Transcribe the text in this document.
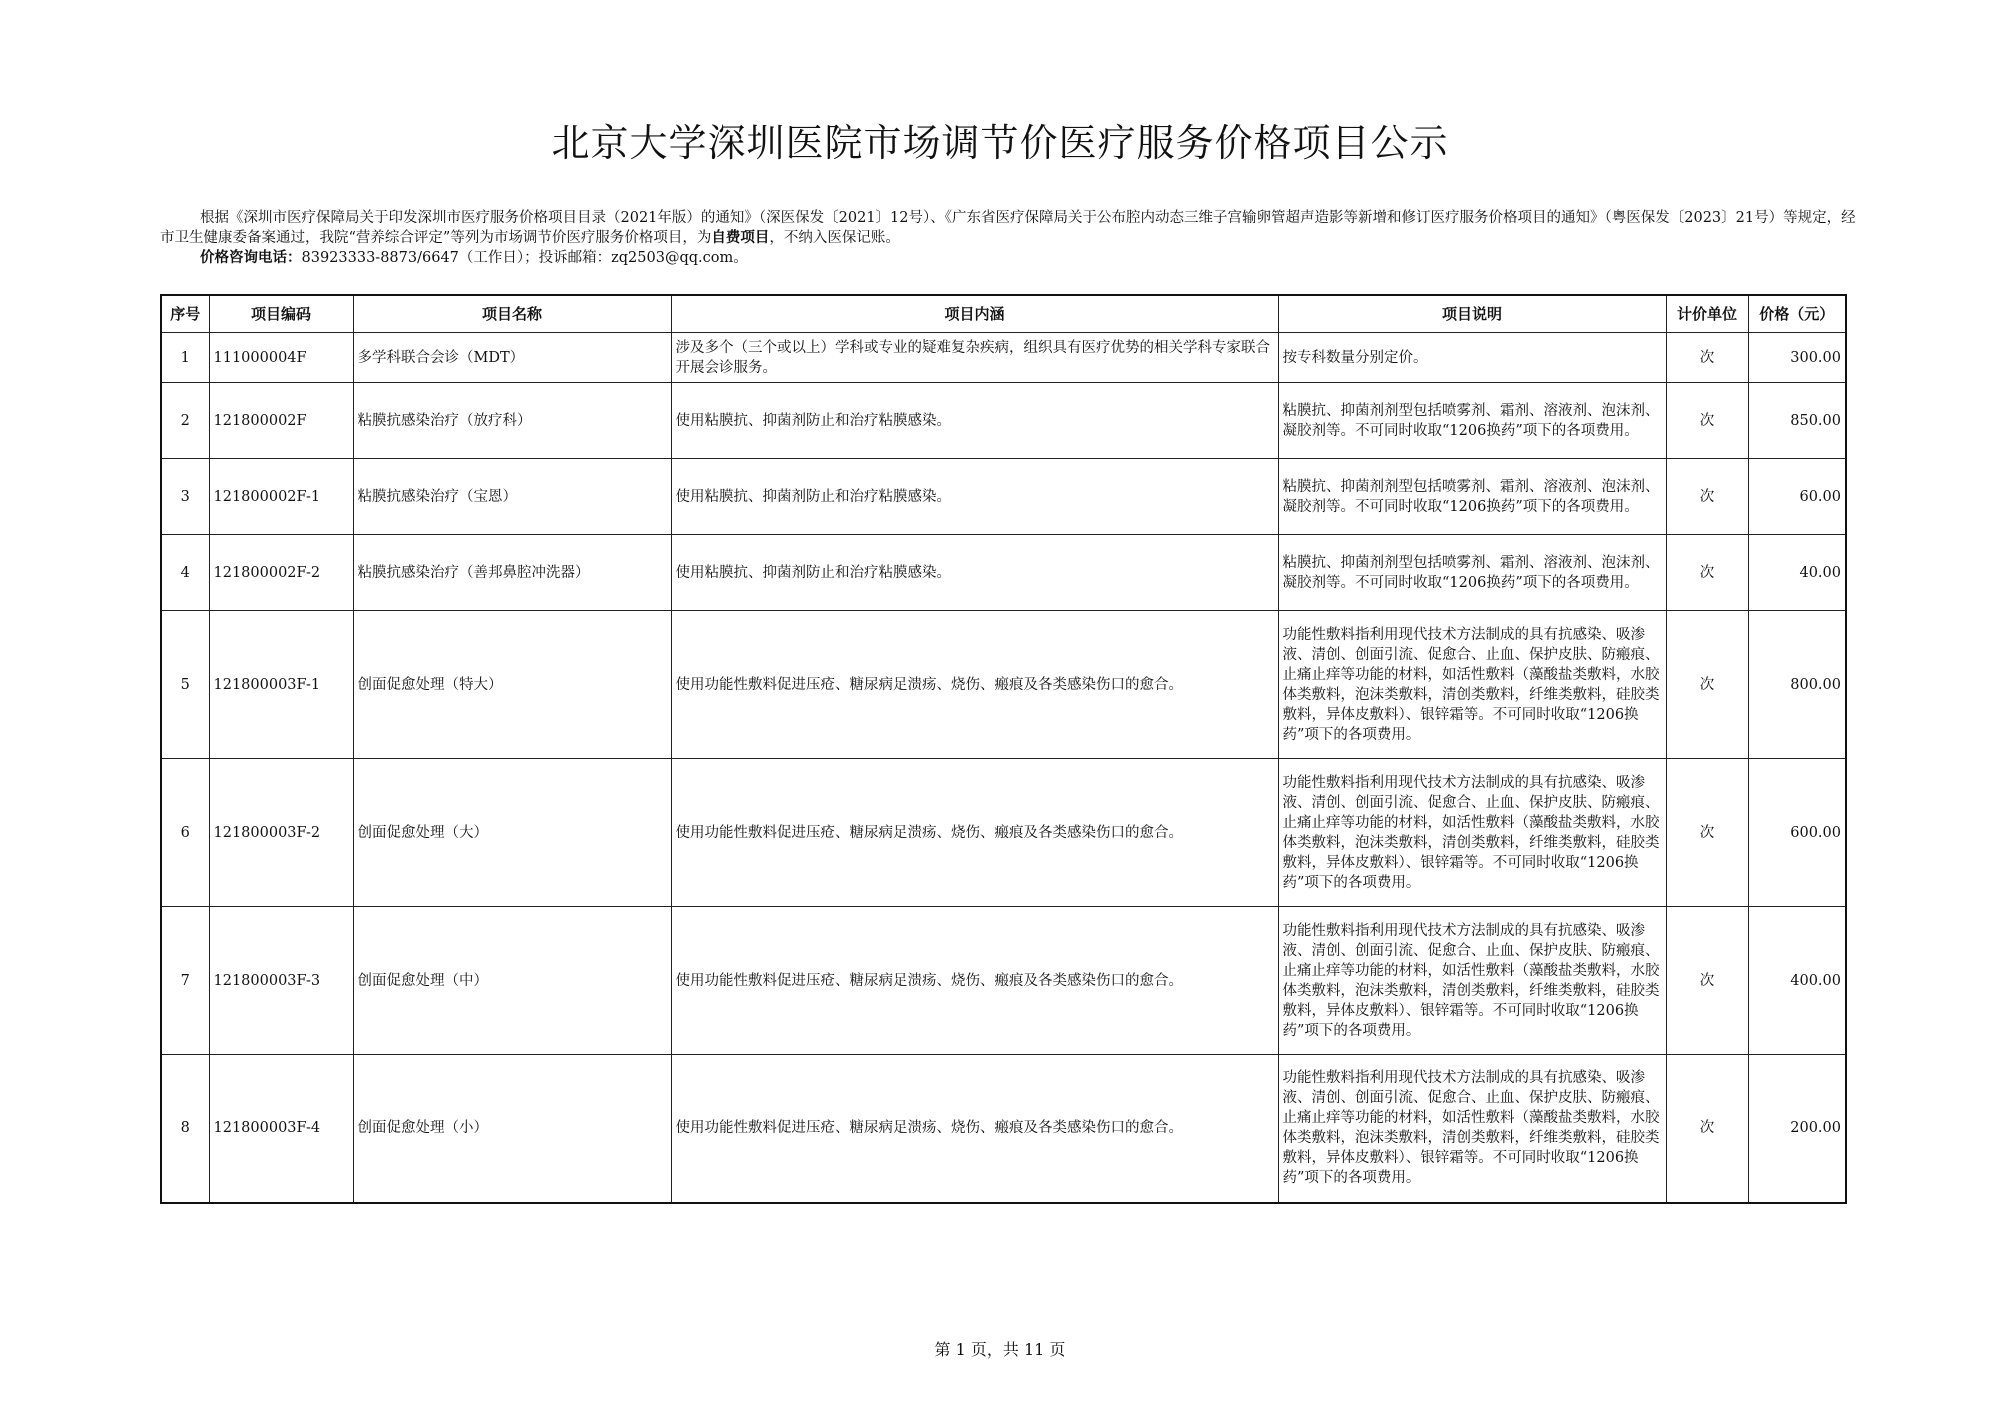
北京大学深圳医院市场调节价医疗服务价格项目公示
根据《深圳市医疗保障局关于印发深圳市医疗服务价格项目目录（2021年版）的通知》（深医保发〔2021〕12号）、《广东省医疗保障局关于公布腔内动态三维子宫输卵管超声造影等新增和修订医疗服务价格项目的通知》（粤医保发〔2023〕21号）等规定，经市卫生健康委备案通过，我院“营养综合评定”等列为市场调节价医疗服务价格项目，为自费项目，不纳入医保记账。
价格咨询电话：83923333-8873/6647（工作日）；投诉邮箱：zq2503@qq.com。
序号	项目编码	项目名称	项目内涵	项目说明	计价单位	价格（元）
1	111000004F	多学科联合会诊（MDT）	涉及多个（三个或以上）学科或专业的疑难复杂疾病，组织具有医疗优势的相关学科专家联合开展会诊服务。	按专科数量分别定价。	次	300.00
2	121800002F	粘膜抗感染治疗（放疗科）	使用粘膜抗、抑菌剂防止和治疗粘膜感染。	粘膜抗、抑菌剂剂型包括喷雾剂、霜剂、溶液剂、泡沫剂、凝胶剂等。不可同时收取“1206换药”项下的各项费用。	次	850.00
3	121800002F-1	粘膜抗感染治疗（宝恩）	使用粘膜抗、抑菌剂防止和治疗粘膜感染。	粘膜抗、抑菌剂剂型包括喷雾剂、霜剂、溶液剂、泡沫剂、凝胶剂等。不可同时收取“1206换药”项下的各项费用。	次	60.00
4	121800002F-2	粘膜抗感染治疗（善邦鼻腔冲洗器）	使用粘膜抗、抑菌剂防止和治疗粘膜感染。	粘膜抗、抑菌剂剂型包括喷雾剂、霜剂、溶液剂、泡沫剂、凝胶剂等。不可同时收取“1206换药”项下的各项费用。	次	40.00
5	121800003F-1	创面促愈处理（特大）	使用功能性敷料促进压疮、糖尿病足溃疡、烧伤、瘢痕及各类感染伤口的愈合。	功能性敷料指利用现代技术方法制成的具有抗感染、吸渗液、清创、创面引流、促愈合、止血、保护皮肤、防瘢痕、止痛止痒等功能的材料，如活性敷料（藻酸盐类敷料，水胶体类敷料，泡沫类敷料，清创类敷料，纤维类敷料，硅胶类敷料，异体皮敷料）、银锌霜等。不可同时收取“1206换药”项下的各项费用。	次	800.00
6	121800003F-2	创面促愈处理（大）	使用功能性敷料促进压疮、糖尿病足溃疡、烧伤、瘢痕及各类感染伤口的愈合。	功能性敷料指利用现代技术方法制成的具有抗感染、吸渗液、清创、创面引流、促愈合、止血、保护皮肤、防瘢痕、止痛止痒等功能的材料，如活性敷料（藻酸盐类敷料，水胶体类敷料，泡沫类敷料，清创类敷料，纤维类敷料，硅胶类敷料，异体皮敷料）、银锌霜等。不可同时收取“1206换药”项下的各项费用。	次	600.00
7	121800003F-3	创面促愈处理（中）	使用功能性敷料促进压疮、糖尿病足溃疡、烧伤、瘢痕及各类感染伤口的愈合。	功能性敷料指利用现代技术方法制成的具有抗感染、吸渗液、清创、创面引流、促愈合、止血、保护皮肤、防瘢痕、止痛止痒等功能的材料，如活性敷料（藻酸盐类敷料，水胶体类敷料，泡沫类敷料，清创类敷料，纤维类敷料，硅胶类敷料，异体皮敷料）、银锌霜等。不可同时收取“1206换药”项下的各项费用。	次	400.00
8	121800003F-4	创面促愈处理（小）	使用功能性敷料促进压疮、糖尿病足溃疡、烧伤、瘢痕及各类感染伤口的愈合。	功能性敷料指利用现代技术方法制成的具有抗感染、吸渗液、清创、创面引流、促愈合、止血、保护皮肤、防瘢痕、止痛止痒等功能的材料，如活性敷料（藻酸盐类敷料，水胶体类敷料，泡沫类敷料，清创类敷料，纤维类敷料，硅胶类敷料，异体皮敷料）、银锌霜等。不可同时收取“1206换药”项下的各项费用。	次	200.00
第 1 页，共 11 页
